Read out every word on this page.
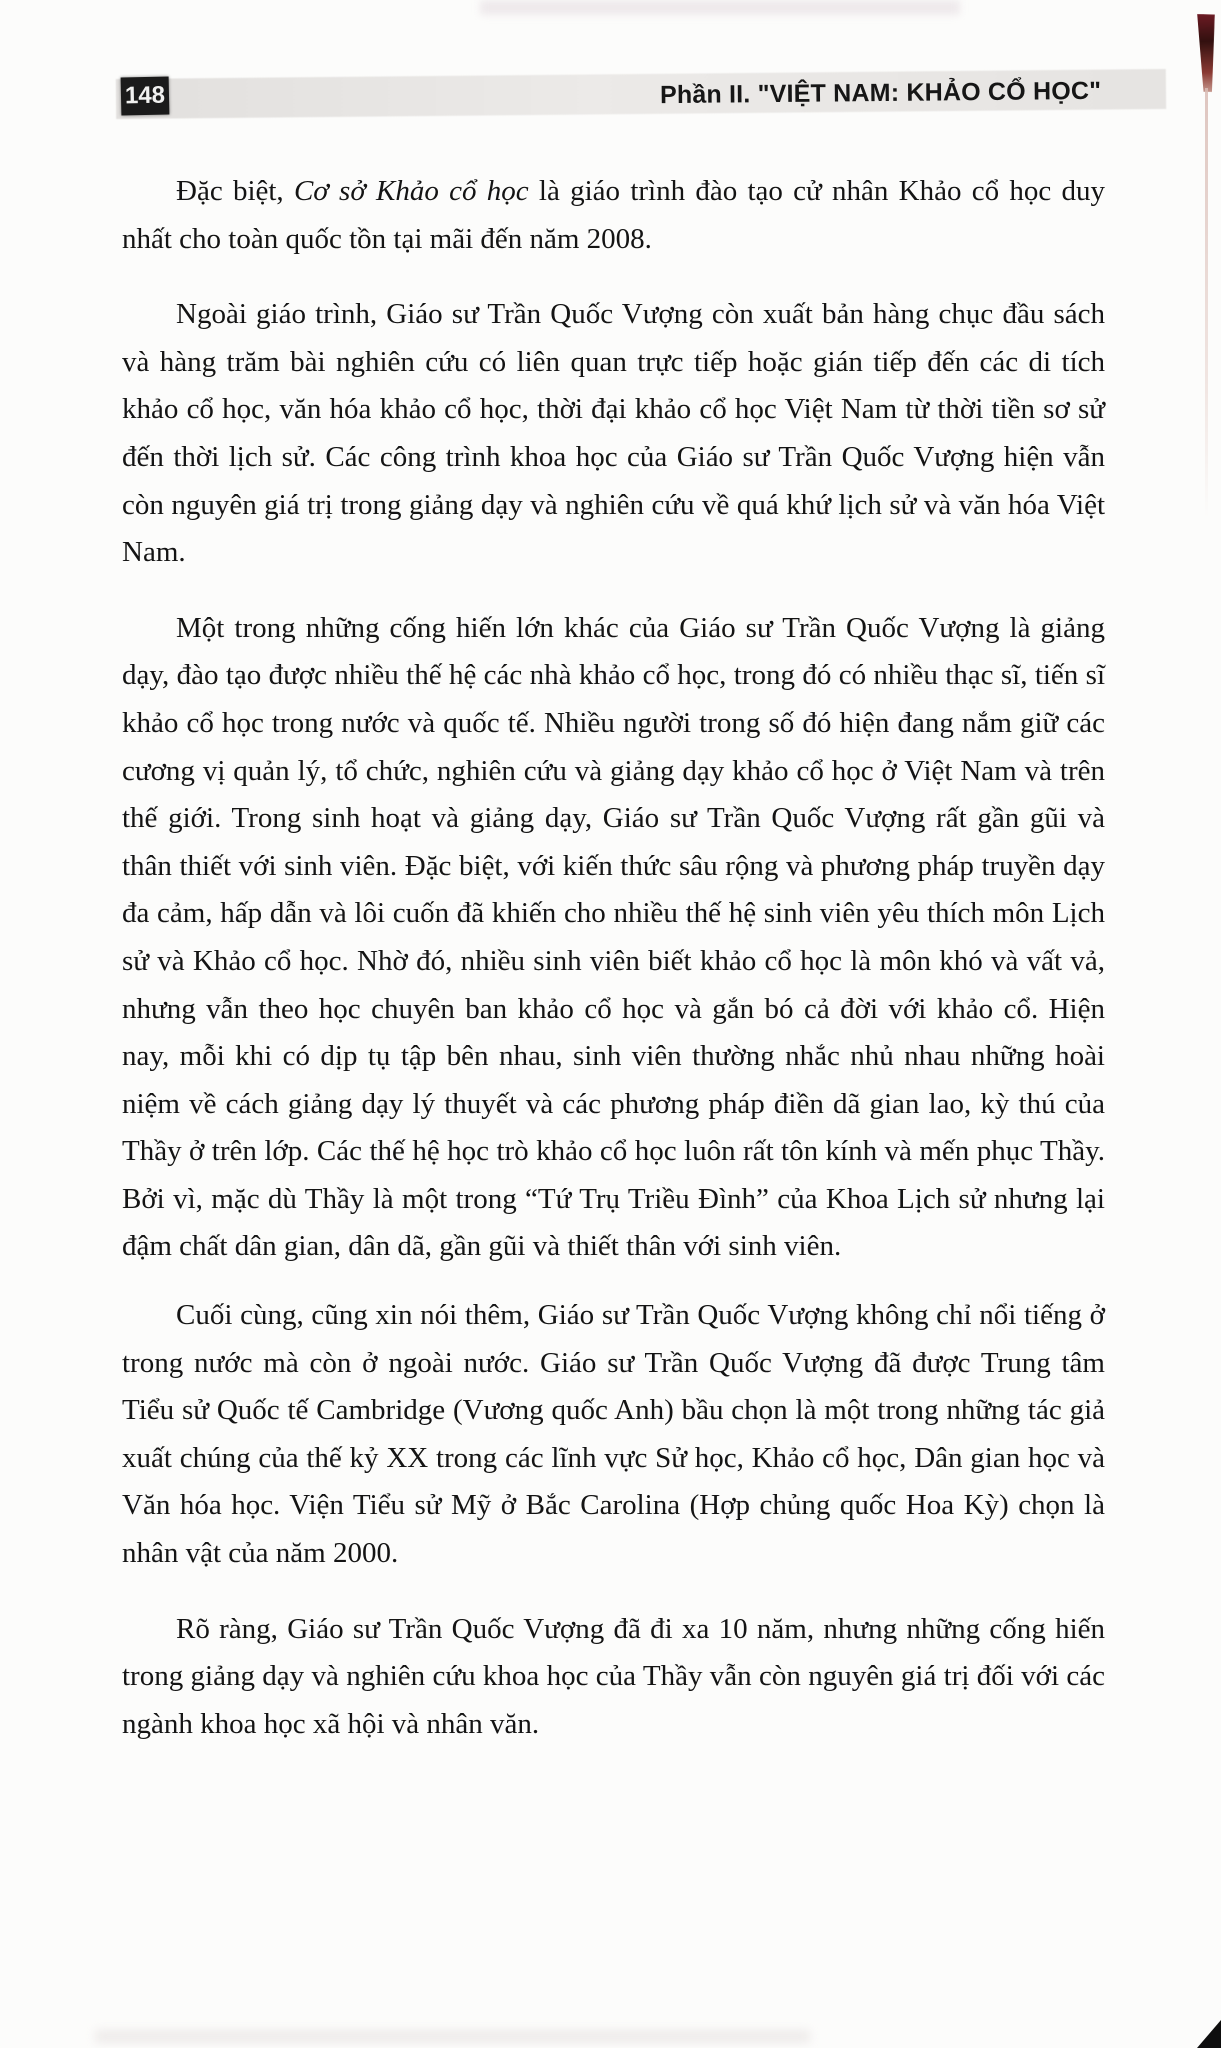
148	Phần II. "VIỆT NAM: KHẢO CỔ HỌC"

Đặc biệt, Cơ sở Khảo cổ học là giáo trình đào tạo cử nhân Khảo cổ học duy nhất cho toàn quốc tồn tại mãi đến năm 2008.

Ngoài giáo trình, Giáo sư Trần Quốc Vượng còn xuất bản hàng chục đầu sách và hàng trăm bài nghiên cứu có liên quan trực tiếp hoặc gián tiếp đến các di tích khảo cổ học, văn hóa khảo cổ học, thời đại khảo cổ học Việt Nam từ thời tiền sơ sử đến thời lịch sử. Các công trình khoa học của Giáo sư Trần Quốc Vượng hiện vẫn còn nguyên giá trị trong giảng dạy và nghiên cứu về quá khứ lịch sử và văn hóa Việt Nam.

Một trong những cống hiến lớn khác của Giáo sư Trần Quốc Vượng là giảng dạy, đào tạo được nhiều thế hệ các nhà khảo cổ học, trong đó có nhiều thạc sĩ, tiến sĩ khảo cổ học trong nước và quốc tế. Nhiều người trong số đó hiện đang nắm giữ các cương vị quản lý, tổ chức, nghiên cứu và giảng dạy khảo cổ học ở Việt Nam và trên thế giới. Trong sinh hoạt và giảng dạy, Giáo sư Trần Quốc Vượng rất gần gũi và thân thiết với sinh viên. Đặc biệt, với kiến thức sâu rộng và phương pháp truyền dạy đa cảm, hấp dẫn và lôi cuốn đã khiến cho nhiều thế hệ sinh viên yêu thích môn Lịch sử và Khảo cổ học. Nhờ đó, nhiều sinh viên biết khảo cổ học là môn khó và vất vả, nhưng vẫn theo học chuyên ban khảo cổ học và gắn bó cả đời với khảo cổ. Hiện nay, mỗi khi có dịp tụ tập bên nhau, sinh viên thường nhắc nhủ nhau những hoài niệm về cách giảng dạy lý thuyết và các phương pháp điền dã gian lao, kỳ thú của Thầy ở trên lớp. Các thế hệ học trò khảo cổ học luôn rất tôn kính và mến phục Thầy. Bởi vì, mặc dù Thầy là một trong “Tứ Trụ Triều Đình” của Khoa Lịch sử nhưng lại đậm chất dân gian, dân dã, gần gũi và thiết thân với sinh viên.

Cuối cùng, cũng xin nói thêm, Giáo sư Trần Quốc Vượng không chỉ nổi tiếng ở trong nước mà còn ở ngoài nước. Giáo sư Trần Quốc Vượng đã được Trung tâm Tiểu sử Quốc tế Cambridge (Vương quốc Anh) bầu chọn là một trong những tác giả xuất chúng của thế kỷ XX trong các lĩnh vực Sử học, Khảo cổ học, Dân gian học và Văn hóa học. Viện Tiểu sử Mỹ ở Bắc Carolina (Hợp chủng quốc Hoa Kỳ) chọn là nhân vật của năm 2000.

Rõ ràng, Giáo sư Trần Quốc Vượng đã đi xa 10 năm, nhưng những cống hiến trong giảng dạy và nghiên cứu khoa học của Thầy vẫn còn nguyên giá trị đối với các ngành khoa học xã hội và nhân văn.
